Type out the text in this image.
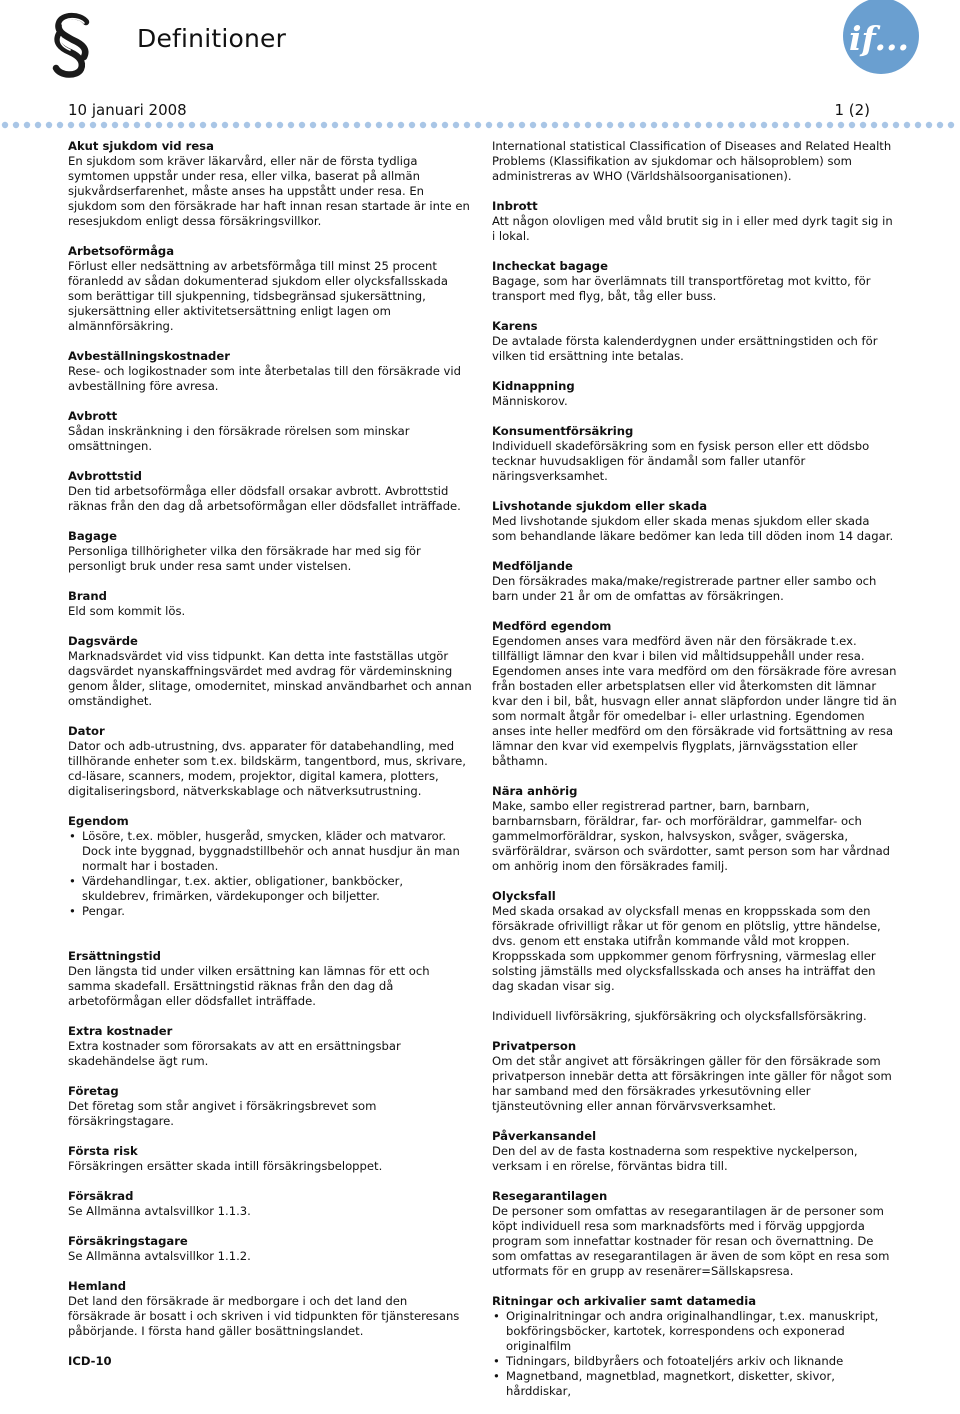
Definitioner	if...
10 januari 2008	1 (2)
Akut sjukdom vid resa

En sjukdom som kräver läkarvård, eller när de första tydliga symtomen uppstår under resa, eller vilka, baserat på allmän sjukvårdserfarenhet, måste anses ha uppstått under resa. En sjukdom som den försäkrade har haft innan resan startade är inte en resesjukdom enligt dessa försäkringsvillkor.

Arbetsoförmåga

Förlust eller nedsättning av arbetsförmåga till minst 25 procent föranledd av sådan dokumenterad sjukdom eller olycksfallsskada som berättigar till sjukpenning, tidsbegränsad sjukersättning, sjukersättning eller aktivitetsersättning enligt lagen om almännförsäkring.

Avbeställningskostnader

Rese- och logikostnader som inte återbetalas till den försäkrade vid avbeställning före avresa.

Avbrott

Sådan inskränkning i den försäkrade rörelsen som minskar omsättningen.

Avbrottstid

Den tid arbetsoförmåga eller dödsfall orsakar avbrott. Avbrottstid räknas från den dag då arbetsoförmågan eller dödsfallet inträffade.

Bagage

Personliga tillhörigheter vilka den försäkrade har med sig för personligt bruk under resa samt under vistelsen.

Brand

Eld som kommit lös.

Dagsvärde

Marknadsvärdet vid viss tidpunkt. Kan detta inte fastställas utgör dagsvärdet nyanskaffningsvärdet med avdrag för värdeminskning genom ålder, slitage, omodernitet, minskad användbarhet och annan omständighet.

Dator

Dator och adb-utrustning, dvs. apparater för databehandling, med tillhörande enheter som t.ex. bildskärm, tangentbord, mus, skrivare, cd-läsare, scanners, modem, projektor, digital kamera, plotters, digitaliseringsbord, nätverkskablage och nätverksutrustning.

Egendom
• Lösöre, t.ex. möbler, husgeråd, smycken, kläder och matvaror. Dock inte byggnad, byggnadstillbehör och annat husdjur än man normalt har i bostaden.
• Värdehandlingar, t.ex. aktier, obligationer, bankböcker, skuldebrev, frimärken, värdekuponger och biljetter.
• Pengar.
Ersättningstid

Den längsta tid under vilken ersättning kan lämnas för ett och samma skadefall. Ersättningstid räknas från den dag då arbetoförmågan eller dödsfallet inträffade.

Extra kostnader

Extra kostnader som förorsakats av att en ersättningsbar skadehändelse ägt rum.

Företag

Det företag som står angivet i försäkringsbrevet som försäkringstagare.

Första risk

Försäkringen ersätter skada intill försäkringsbeloppet.

Försäkrad

Se Allmänna avtalsvillkor 1.1.3.

Försäkringstagare

Se Allmänna avtalsvillkor 1.1.2.

Hemland

Det land den försäkrade är medborgare i och det land den försäkrade är bosatt i och skriven i vid tidpunkten för tjänsteresans påbörjande. I första hand gäller bosättningslandet.

ICD-10

International statistical Classification of Diseases and Related Health Problems (Klassifikation av sjukdomar och hälsoproblem) som administreras av WHO (Världshälsoorganisationen).

Inbrott

Att någon olovligen med våld brutit sig in i eller med dyrk tagit sig in i lokal.

Incheckat bagage

Bagage, som har överlämnats till transportföretag mot kvitto, för transport med flyg, båt, tåg eller buss.

Karens

De avtalade första kalenderdygnen under ersättningstiden och för vilken tid ersättning inte betalas.

Kidnappning

Människorov.

Konsumentförsäkring

Individuell skadeförsäkring som en fysisk person eller ett dödsbo tecknar huvudsakligen för ändamål som faller utanför näringsverksamhet.

Livshotande sjukdom eller skada

Med livshotande sjukdom eller skada menas sjukdom eller skada som behandlande läkare bedömer kan leda till döden inom 14 dagar.

Medföljande

Den försäkrades maka/make/registrerade partner eller sambo och barn under 21 år om de omfattas av försäkringen.

Medförd egendom

Egendomen anses vara medförd även när den försäkrade t.ex. tillfälligt lämnar den kvar i bilen vid måltidsuppehåll under resa. Egendomen anses inte vara medförd om den försäkrade före avresan från bostaden eller arbetsplatsen eller vid återkomsten dit lämnar kvar den i bil, båt, husvagn eller annat släpfordon under längre tid än som normalt åtgår för omedelbar i- eller urlastning. Egendomen anses inte heller medförd om den försäkrade vid fortsättning av resa lämnar den kvar vid exempelvis flygplats, järnvägsstation eller båthamn.

Nära anhörig

Make, sambo eller registrerad partner, barn, barnbarn, barnbarnsbarn, föräldrar, far- och morföräldrar, gammelfar- och gammelmorföräldrar, syskon, halvsyskon, svåger, svägerska, svärföräldrar, svärson och svärdotter, samt person som har vårdnad om anhörig inom den försäkrades familj.

Olycksfall

Med skada orsakad av olycksfall menas en kroppsskada som den försäkrade ofrivilligt råkar ut för genom en plötslig, yttre händelse, dvs. genom ett enstaka utifrån kommande våld mot kroppen. Kroppsskada som uppkommer genom förfrysning, värmeslag eller solsting jämställs med olycksfallsskada och anses ha inträffat den dag skadan visar sig.

Individuell livförsäkring, sjukförsäkring och olycksfallsförsäkring.

Privatperson

Om det står angivet att försäkringen gäller för den försäkrade som privatperson innebär detta att försäkringen inte gäller för något som har samband med den försäkrades yrkesutövning eller tjänsteutövning eller annan förvärvsverksamhet.

Påverkansandel

Den del av de fasta kostnaderna som respektive nyckelperson, verksam i en rörelse, förväntas bidra till.

Resegarantilagen

De personer som omfattas av resegarantilagen är de personer som köpt individuell resa som marknadsförts med i förväg uppgjorda program som innefattar kostnader för resan och övernattning. De som omfattas av resegarantilagen är även de som köpt en resa som utformats för en grupp av resenärer=Sällskapsresa.

Ritningar och arkivalier samt datamedia
• Originalritningar och andra originalhandlingar, t.ex. manuskript, bokföringsböcker, kartotek, korrespondens och exponerad originalfilm
• Tidningars, bildbyråers och fotoateljérs arkiv och liknande
• Magnetband, magnetblad, magnetkort, disketter, skivor, hårddiskar,
